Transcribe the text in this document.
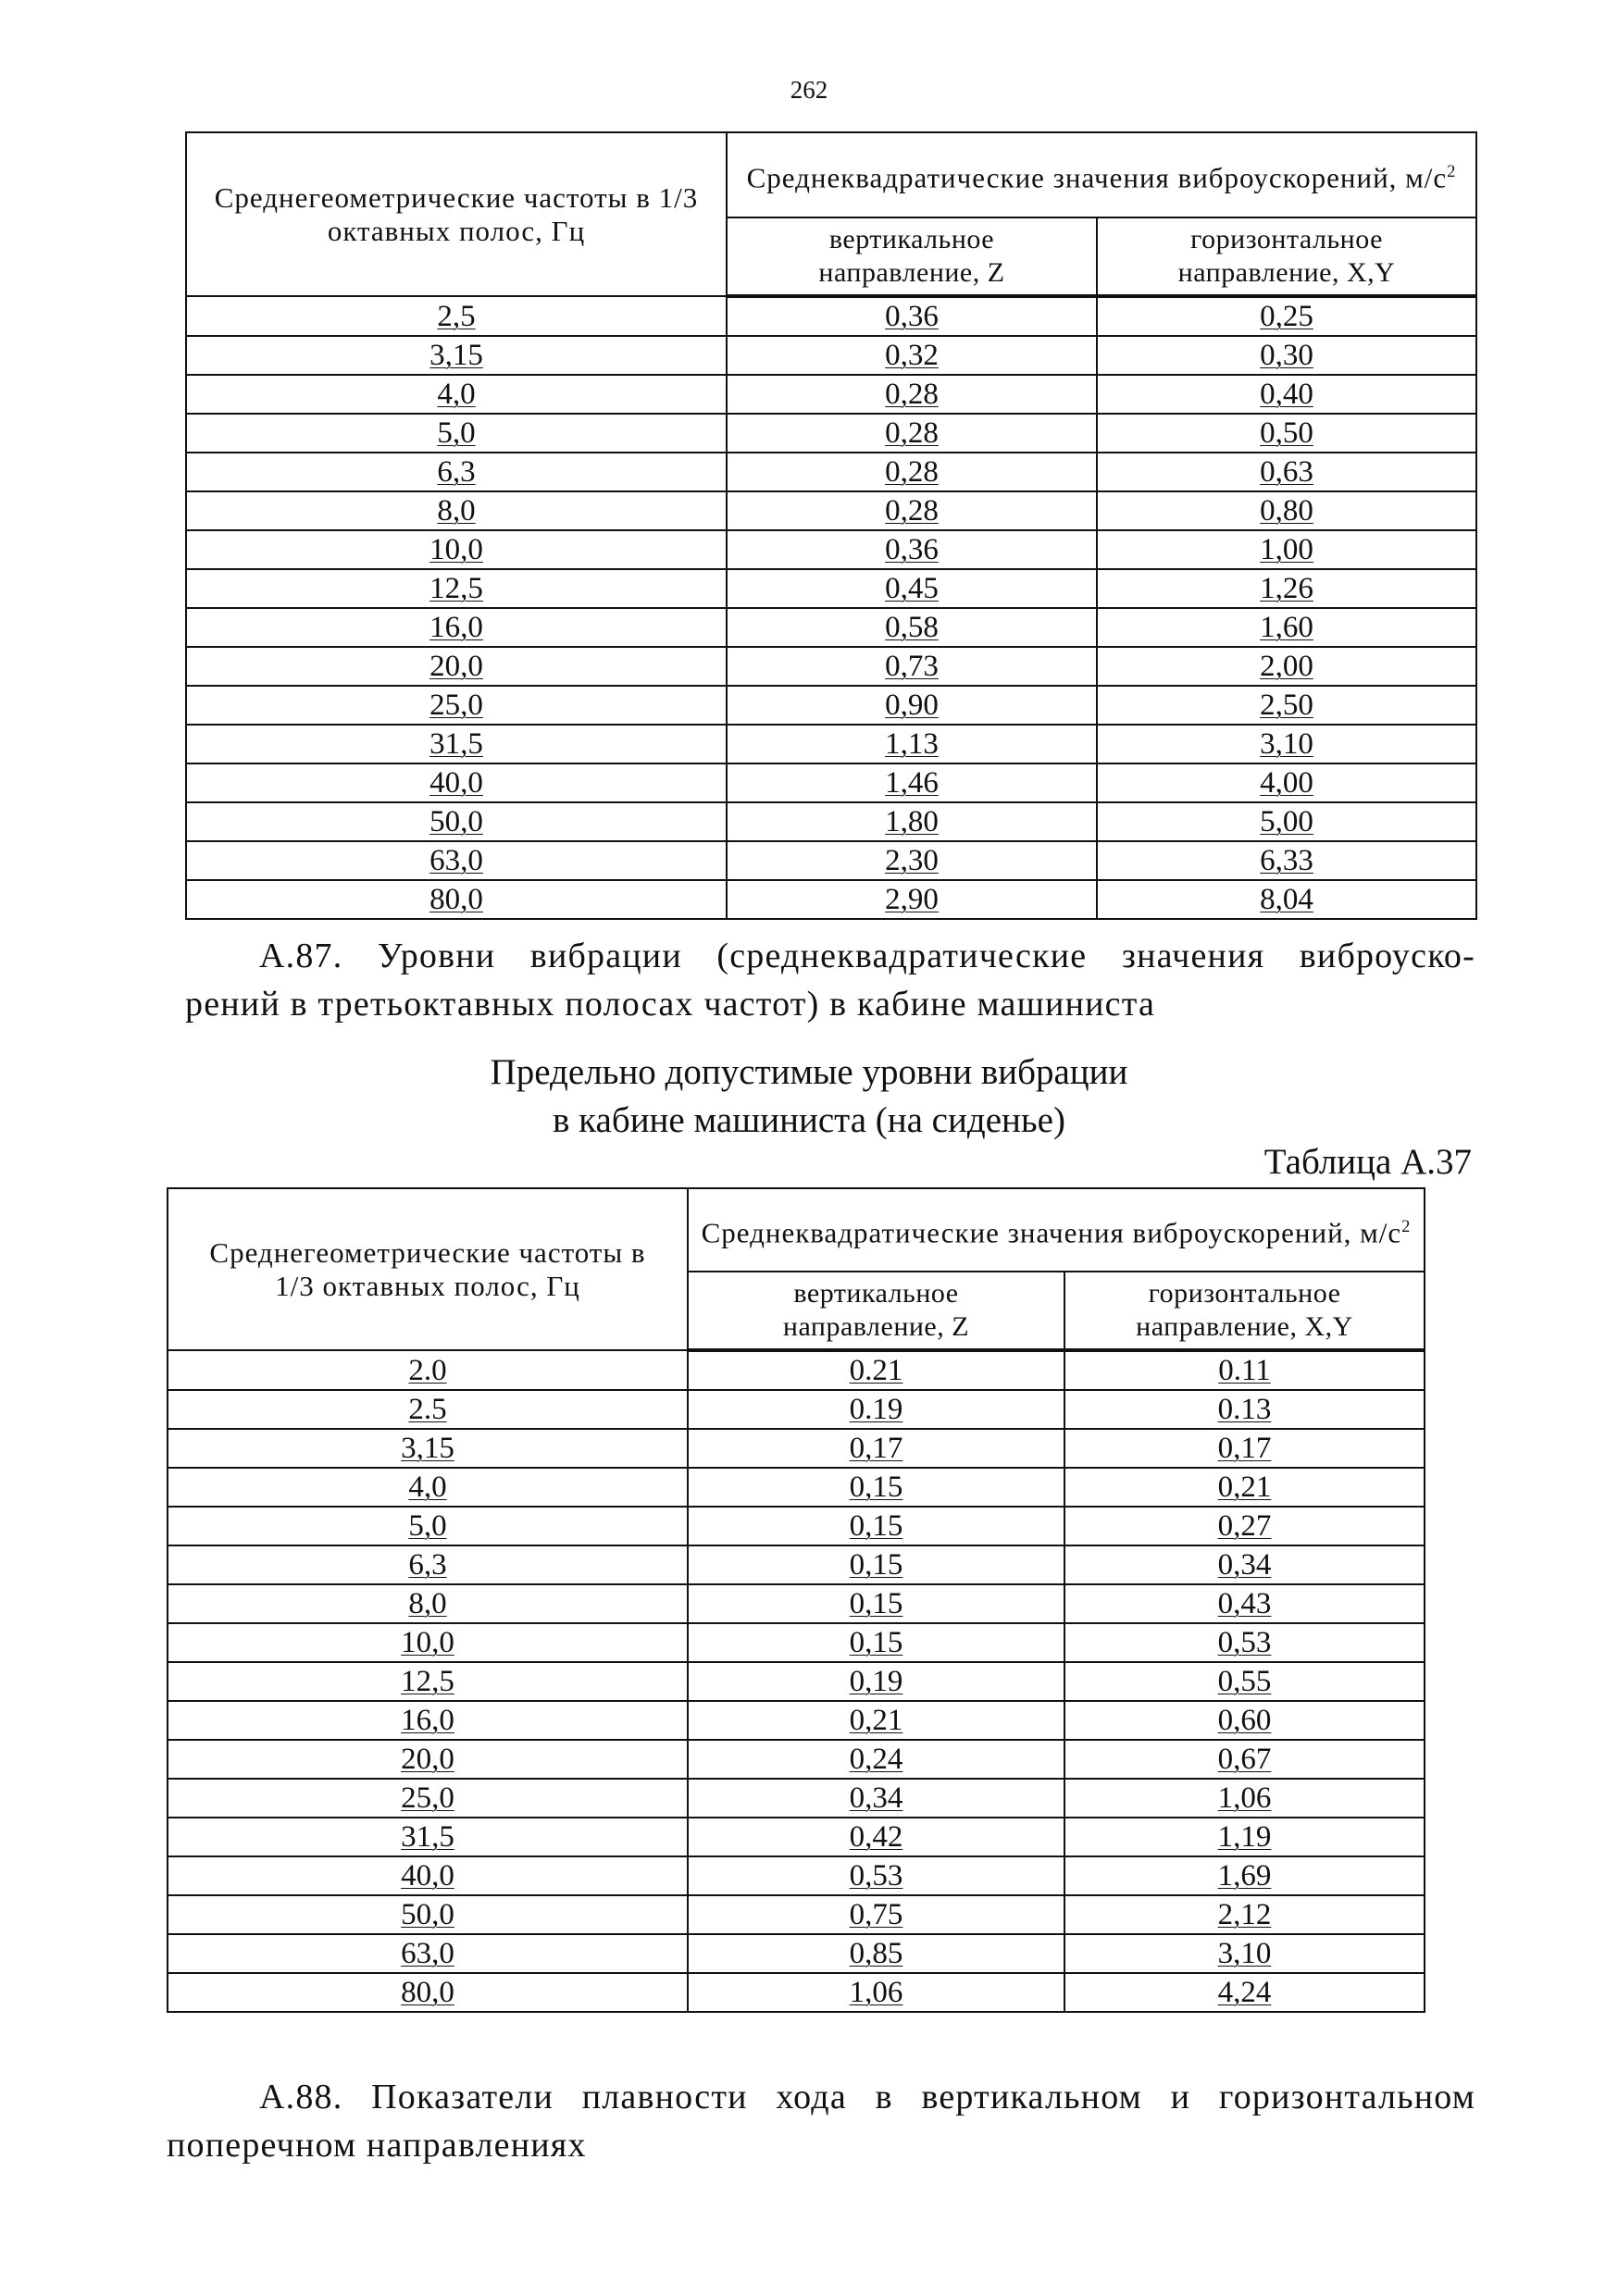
262
Среднегеометрические частоты в 1/3 октавных полос, Гц	Среднеквадратические значения виброускорений, $м/с^2$
	вертикальное направление, Z	горизонтальное направление, X,Y
2,5	0,36	0,25
3,15	0,32	0,30
4,0	0,28	0,40
5,0	0,28	0,50
6,3	0,28	0,63
8,0	0,28	0,80
10,0	0,36	1,00
12,5	0,45	1,26
16,0	0,58	1,60
20,0	0,73	2,00
25,0	0,90	2,50
31,5	1,13	3,10
40,0	1,46	4,00
50,0	1,80	5,00
63,0	2,30	6,33
80,0	2,90	8,04
А.87. Уровни вибрации (среднеквадратические значения виброуско-
рений в третьоктавных полосах частот) в кабине машиниста
Предельно допустимые уровни вибрации
в кабине машиниста (на сиденье)
Таблица А.37
Среднегеометрические частоты в 1/3 октавных полос, Гц	Среднеквадратические значения виброускорений, $м/с^2$
	вертикальное направление, Z	горизонтальное направление, X,Y
2.0	0.21	0.11
2.5	0.19	0.13
3,15	0,17	0,17
4,0	0,15	0,21
5,0	0,15	0,27
6,3	0,15	0,34
8,0	0,15	0,43
10,0	0,15	0,53
12,5	0,19	0,55
16,0	0,21	0,60
20,0	0,24	0,67
25,0	0,34	1,06
31,5	0,42	1,19
40,0	0,53	1,69
50,0	0,75	2,12
63,0	0,85	3,10
80,0	1,06	4,24
А.88. Показатели плавности хода в вертикальном и горизонтальном
поперечном направлениях
